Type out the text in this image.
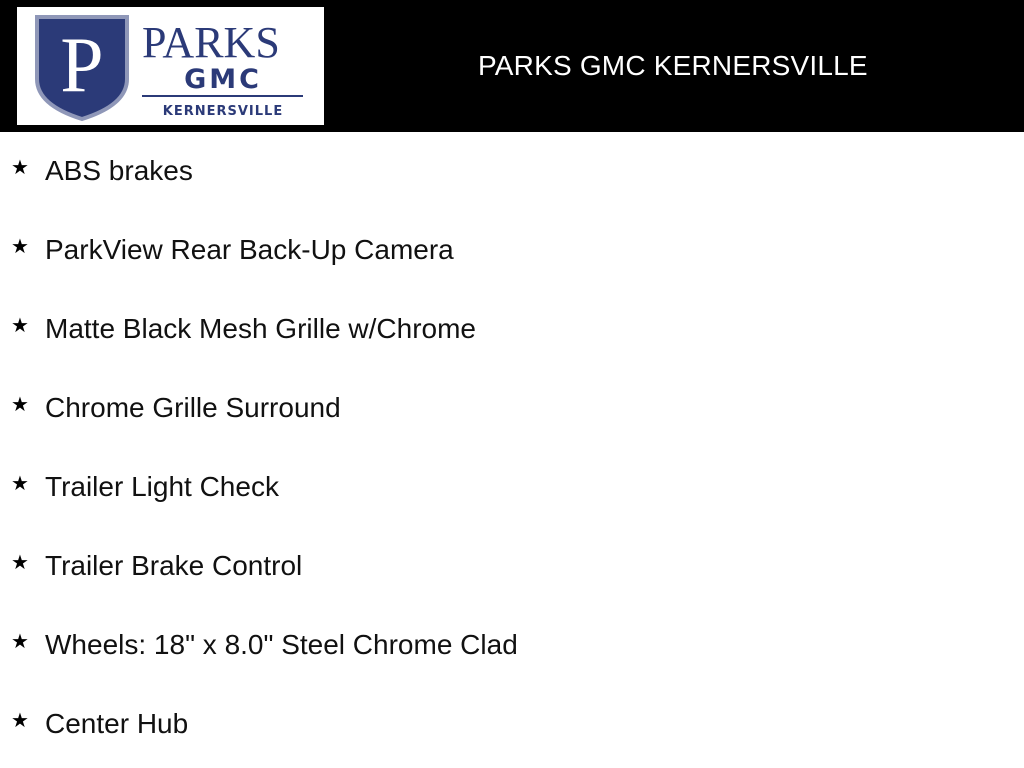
P PARKS
GMC
KERNERSVILLE
PARKS GMC KERNERSVILLE
★ ABS brakes
★ ParkView Rear Back-Up Camera
★ Matte Black Mesh Grille w/Chrome
★ Chrome Grille Surround
★ Trailer Light Check
★ Trailer Brake Control
★ Wheels: 18" x 8.0" Steel Chrome Clad
★ Center Hub
